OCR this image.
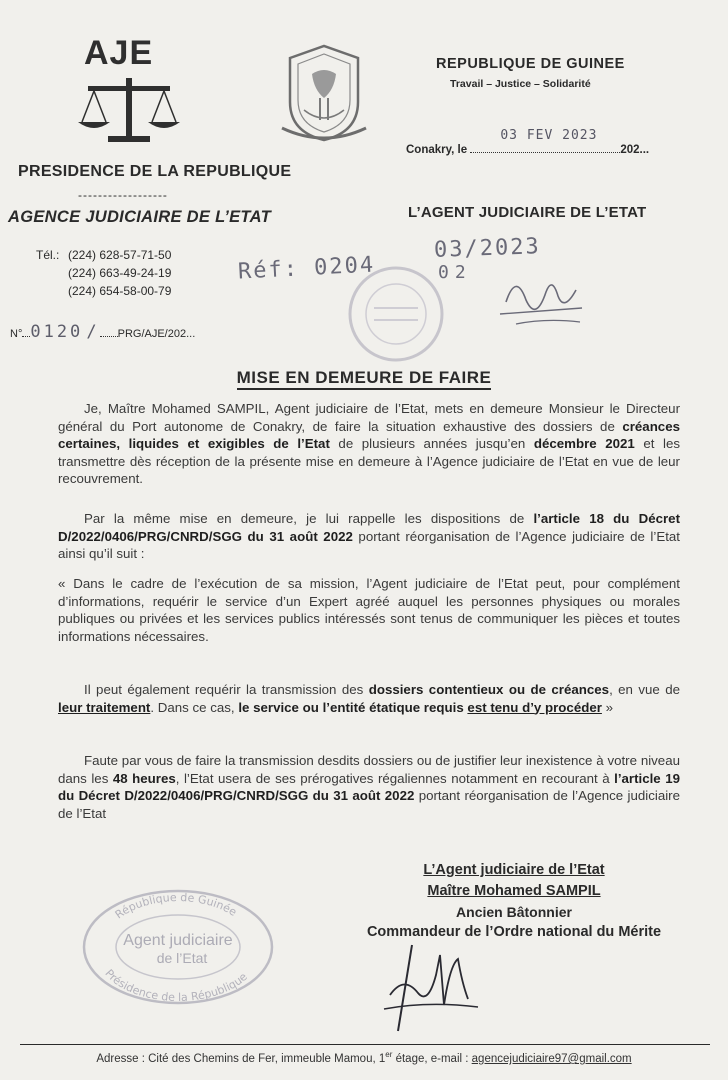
AJE
PRESIDENCE DE LA REPUBLIQUE
------------------
AGENCE JUDICIAIRE DE L’ETAT
Tél.: (224) 628-57-71-50
(224) 663-49-24-19
(224) 654-58-00-79
N° 0120 / PRG/AJE/202...
REPUBLIQUE DE GUINEE
Travail – Justice – Solidarité
Conakry, le
03 FEV 2023
202...
L’AGENT JUDICIAIRE DE L’ETAT
Réf: 0204
03/2023
02
MISE EN DEMEURE DE FAIRE
Je, Maître Mohamed SAMPIL, Agent judiciaire de l’Etat, mets en demeure Monsieur le Directeur général du Port autonome de Conakry, de faire la situation exhaustive des dossiers de créances certaines, liquides et exigibles de l’Etat de plusieurs années jusqu’en décembre 2021 et les transmettre dès réception de la présente mise en demeure à l’Agence judiciaire de l’Etat en vue de leur recouvrement.
Par la même mise en demeure, je lui rappelle les dispositions de l’article 18 du Décret D/2022/0406/PRG/CNRD/SGG du 31 août 2022 portant réorganisation de l’Agence judiciaire de l’Etat ainsi qu’il suit :
« Dans le cadre de l’exécution de sa mission, l’Agent judiciaire de l’Etat peut, pour complément d’informations, requérir le service d’un Expert agréé auquel les personnes physiques ou morales publiques ou privées et les services publics intéressés sont tenus de communiquer les pièces et toutes informations nécessaires.
Il peut également requérir la transmission des dossiers contentieux ou de créances, en vue de leur traitement. Dans ce cas, le service ou l’entité étatique requis est tenu d’y procéder »
Faute par vous de faire la transmission desdits dossiers ou de justifier leur inexistence à votre niveau dans les 48 heures, l’Etat usera de ses prérogatives régaliennes notamment en recourant à l’article 19 du Décret D/2022/0406/PRG/CNRD/SGG du 31 août 2022 portant réorganisation de l’Agence judiciaire de l’Etat
L’Agent judiciaire de l’Etat
Maître Mohamed SAMPIL
Ancien Bâtonnier
Commandeur de l’Ordre national du Mérite
République de Guinée
Présidence de la République
Agent judiciaire
de l’Etat
Adresse : Cité des Chemins de Fer, immeuble Mamou, 1er étage, e-mail : agencejudiciaire97@gmail.com
